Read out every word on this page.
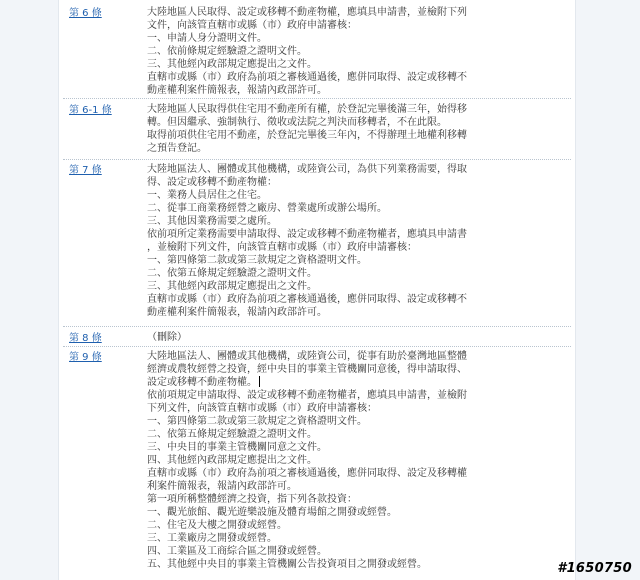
第 6 條	大陸地區人民取得、設定或移轉不動產物權，應填具申請書，並檢附下列
文件，向該管直轄市或縣（市）政府申請審核：
一、申請人身分證明文件。
二、依前條規定經驗證之證明文件。
三、其他經內政部規定應提出之文件。
直轄市或縣（市）政府為前項之審核通過後，應併同取得、設定或移轉不
動產權利案件簡報表，報請內政部許可。
第 6-1 條	大陸地區人民取得供住宅用不動產所有權，於登記完畢後滿三年，始得移
轉。但因繼承、強制執行、徵收或法院之判決而移轉者，不在此限。
取得前項供住宅用不動產，於登記完畢後三年內，不得辦理土地權利移轉
之預告登記。
第 7 條	大陸地區法人、團體或其他機構，或陸資公司，為供下列業務需要，得取
得、設定或移轉不動產物權：
一、業務人員居住之住宅。
二、從事工商業務經營之廠房、營業處所或辦公場所。
三、其他因業務需要之處所。
依前項所定業務需要申請取得、設定或移轉不動產物權者，應填具申請書
，並檢附下列文件，向該管直轄市或縣（市）政府申請審核：
一、第四條第二款或第三款規定之資格證明文件。
二、依第五條規定經驗證之證明文件。
三、其他經內政部規定應提出之文件。
直轄市或縣（市）政府為前項之審核通過後，應併同取得、設定或移轉不
動產權利案件簡報表，報請內政部許可。
第 8 條	（刪除）
第 9 條	大陸地區法人、團體或其他機構，或陸資公司，從事有助於臺灣地區整體
經濟或農牧經營之投資，經中央目的事業主管機關同意後，得申請取得、
設定或移轉不動產物權。
依前項規定申請取得、設定或移轉不動產物權者，應填具申請書，並檢附
下列文件，向該管直轄市或縣（市）政府申請審核：
一、第四條第二款或第三款規定之資格證明文件。
二、依第五條規定經驗證之證明文件。
三、中央目的事業主管機關同意之文件。
四、其他經內政部規定應提出之文件。
直轄市或縣（市）政府為前項之審核通過後，應併同取得、設定及移轉權
利案件簡報表，報請內政部許可。
第一項所稱整體經濟之投資，指下列各款投資：
一、觀光旅館、觀光遊樂設施及體育場館之開發或經營。
二、住宅及大樓之開發或經營。
三、工業廠房之開發或經營。
四、工業區及工商綜合區之開發或經營。
五、其他經中央目的事業主管機關公告投資項目之開發或經營。	#1650750
